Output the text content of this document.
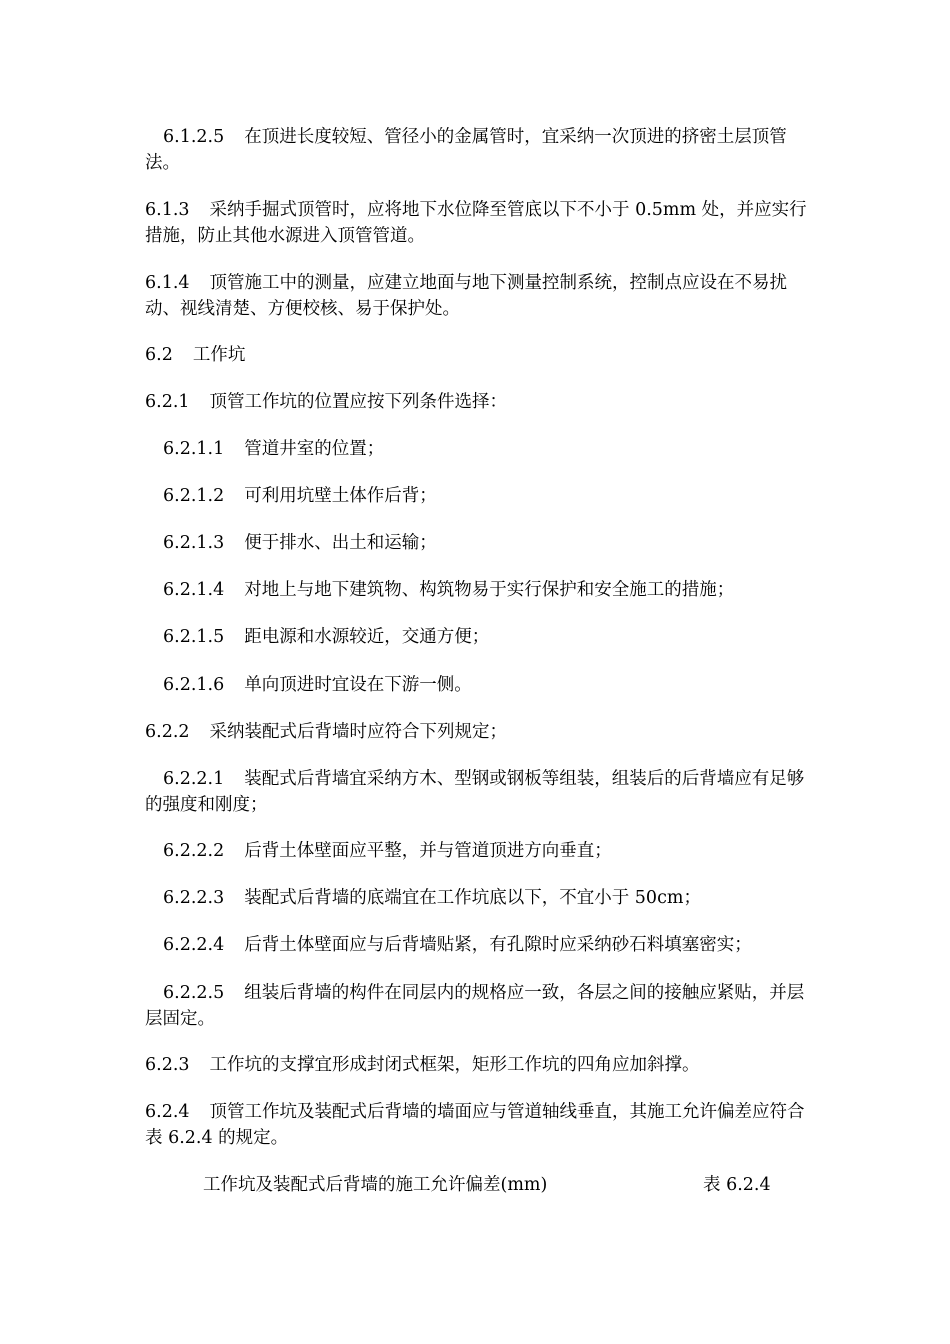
6.1.2.5 在顶进长度较短、管径小的金属管时，宜采纳一次顶进的挤密土层顶管法。

6.1.3 采纳手掘式顶管时，应将地下水位降至管底以下不小于 0.5mm 处，并应实行措施，防止其他水源进入顶管管道。

6.1.4 顶管施工中的测量，应建立地面与地下测量控制系统，控制点应设在不易扰动、视线清楚、方便校核、易于保护处。

6.2 工作坑

6.2.1 顶管工作坑的位置应按下列条件选择：

6.2.1.1 管道井室的位置；

6.2.1.2 可利用坑壁土体作后背；

6.2.1.3 便于排水、出土和运输；

6.2.1.4 对地上与地下建筑物、构筑物易于实行保护和安全施工的措施；

6.2.1.5 距电源和水源较近，交通方便；

6.2.1.6 单向顶进时宜设在下游一侧。

6.2.2 采纳装配式后背墙时应符合下列规定；

6.2.2.1 装配式后背墙宜采纳方木、型钢或钢板等组装，组装后的后背墙应有足够的强度和刚度；

6.2.2.2 后背土体壁面应平整，并与管道顶进方向垂直；

6.2.2.3 装配式后背墙的底端宜在工作坑底以下，不宜小于 50cm；

6.2.2.4 后背土体壁面应与后背墙贴紧，有孔隙时应采纳砂石料填塞密实；

6.2.2.5 组装后背墙的构件在同层内的规格应一致，各层之间的接触应紧贴，并层层固定。

6.2.3 工作坑的支撑宜形成封闭式框架，矩形工作坑的四角应加斜撑。

6.2.4 顶管工作坑及装配式后背墙的墙面应与管道轴线垂直，其施工允许偏差应符合表 6.2.4 的规定。

工作坑及装配式后背墙的施工允许偏差(mm)	表 6.2.4
